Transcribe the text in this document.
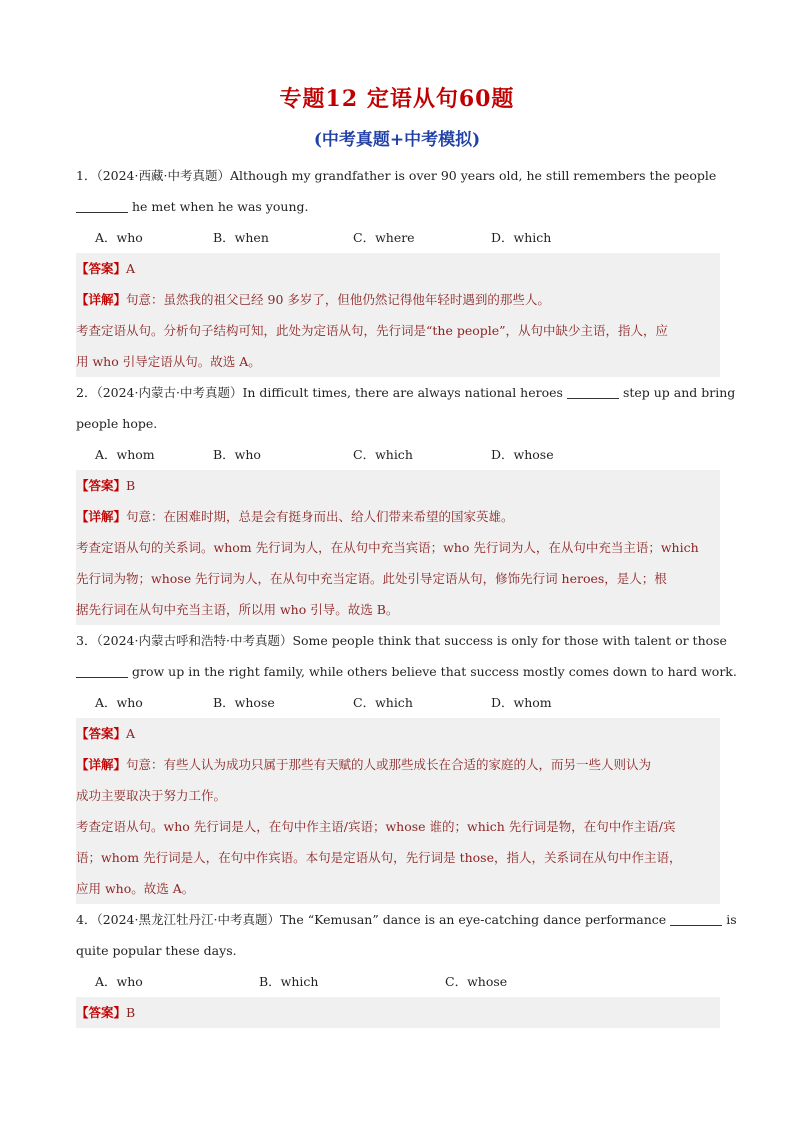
专题12 定语从句60题
(中考真题+中考模拟)
1．（2024·西藏·中考真题）Although my grandfather is over 90 years old, he still remembers the people
he met when he was young.
A．who	B．when	C．where	D．which
【答案】A
【详解】句意：虽然我的祖父已经 90 多岁了，但他仍然记得他年轻时遇到的那些人。
考查定语从句。分析句子结构可知，此处为定语从句，先行词是“the people”，从句中缺少主语，指人，应
用 who 引导定语从句。故选 A。
2．（2024·内蒙古·中考真题）In difficult times, there are always national heroes	step up and bring
people hope.
A．whom	B．who	C．which	D．whose
【答案】B
【详解】句意：在困难时期，总是会有挺身而出、给人们带来希望的国家英雄。
考查定语从句的关系词。whom 先行词为人，在从句中充当宾语；who 先行词为人，在从句中充当主语；which
先行词为物；whose 先行词为人，在从句中充当定语。此处引导定语从句，修饰先行词 heroes，是人；根
据先行词在从句中充当主语，所以用 who 引导。故选 B。
3．（2024·内蒙古呼和浩特·中考真题）Some people think that success is only for those with talent or those
grow up in the right family, while others believe that success mostly comes down to hard work.
A．who	B．whose	C．which	D．whom
【答案】A
【详解】句意：有些人认为成功只属于那些有天赋的人或那些成长在合适的家庭的人，而另一些人则认为
成功主要取决于努力工作。
考查定语从句。who 先行词是人，在句中作主语/宾语；whose 谁的；which 先行词是物，在句中作主语/宾
语；whom 先行词是人，在句中作宾语。本句是定语从句，先行词是 those，指人，关系词在从句中作主语，
应用 who。故选 A。
4．（2024·黑龙江牡丹江·中考真题）The “Kemusan” dance is an eye-catching dance performance	is
quite popular these days.
A．who	B．which	C．whose
【答案】B
